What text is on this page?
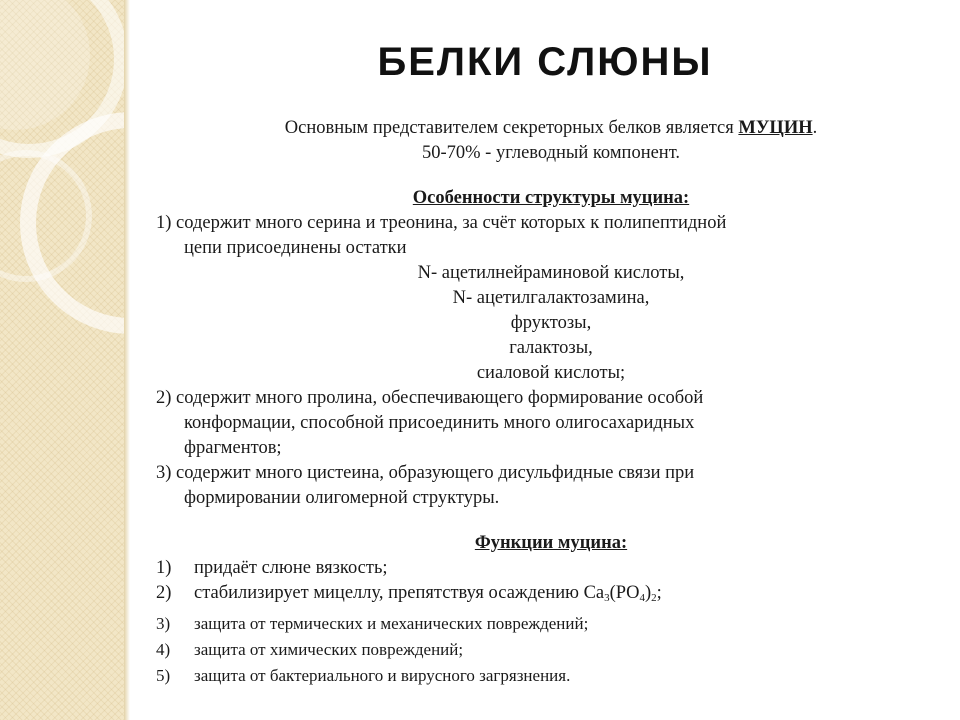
БЕЛКИ СЛЮНЫ
Основным представителем секреторных белков является МУЦИН.
50-70% - углеводный компонент.
Особенности структуры муцина:
1) содержит много серина и треонина, за счёт которых к полипептидной
цепи присоединены остатки
N- ацетилнейраминовой кислоты,
N- ацетилгалактозамина,
фруктозы,
галактозы,
сиаловой кислоты;
2) содержит много пролина, обеспечивающего формирование особой
конформации, способной присоединить много олигосахаридных
фрагментов;
3) содержит много цистеина, образующего дисульфидные связи при
формировании олигомерной структуры.
Функции муцина:
1)	придаёт слюне вязкость;
2)	стабилизирует мицеллу, препятствуя осаждению $Ca_3(PO_4)_2$;
3)	защита от термических и механических повреждений;
4)	защита от химических повреждений;
5)	защита от бактериального и вирусного загрязнения.
